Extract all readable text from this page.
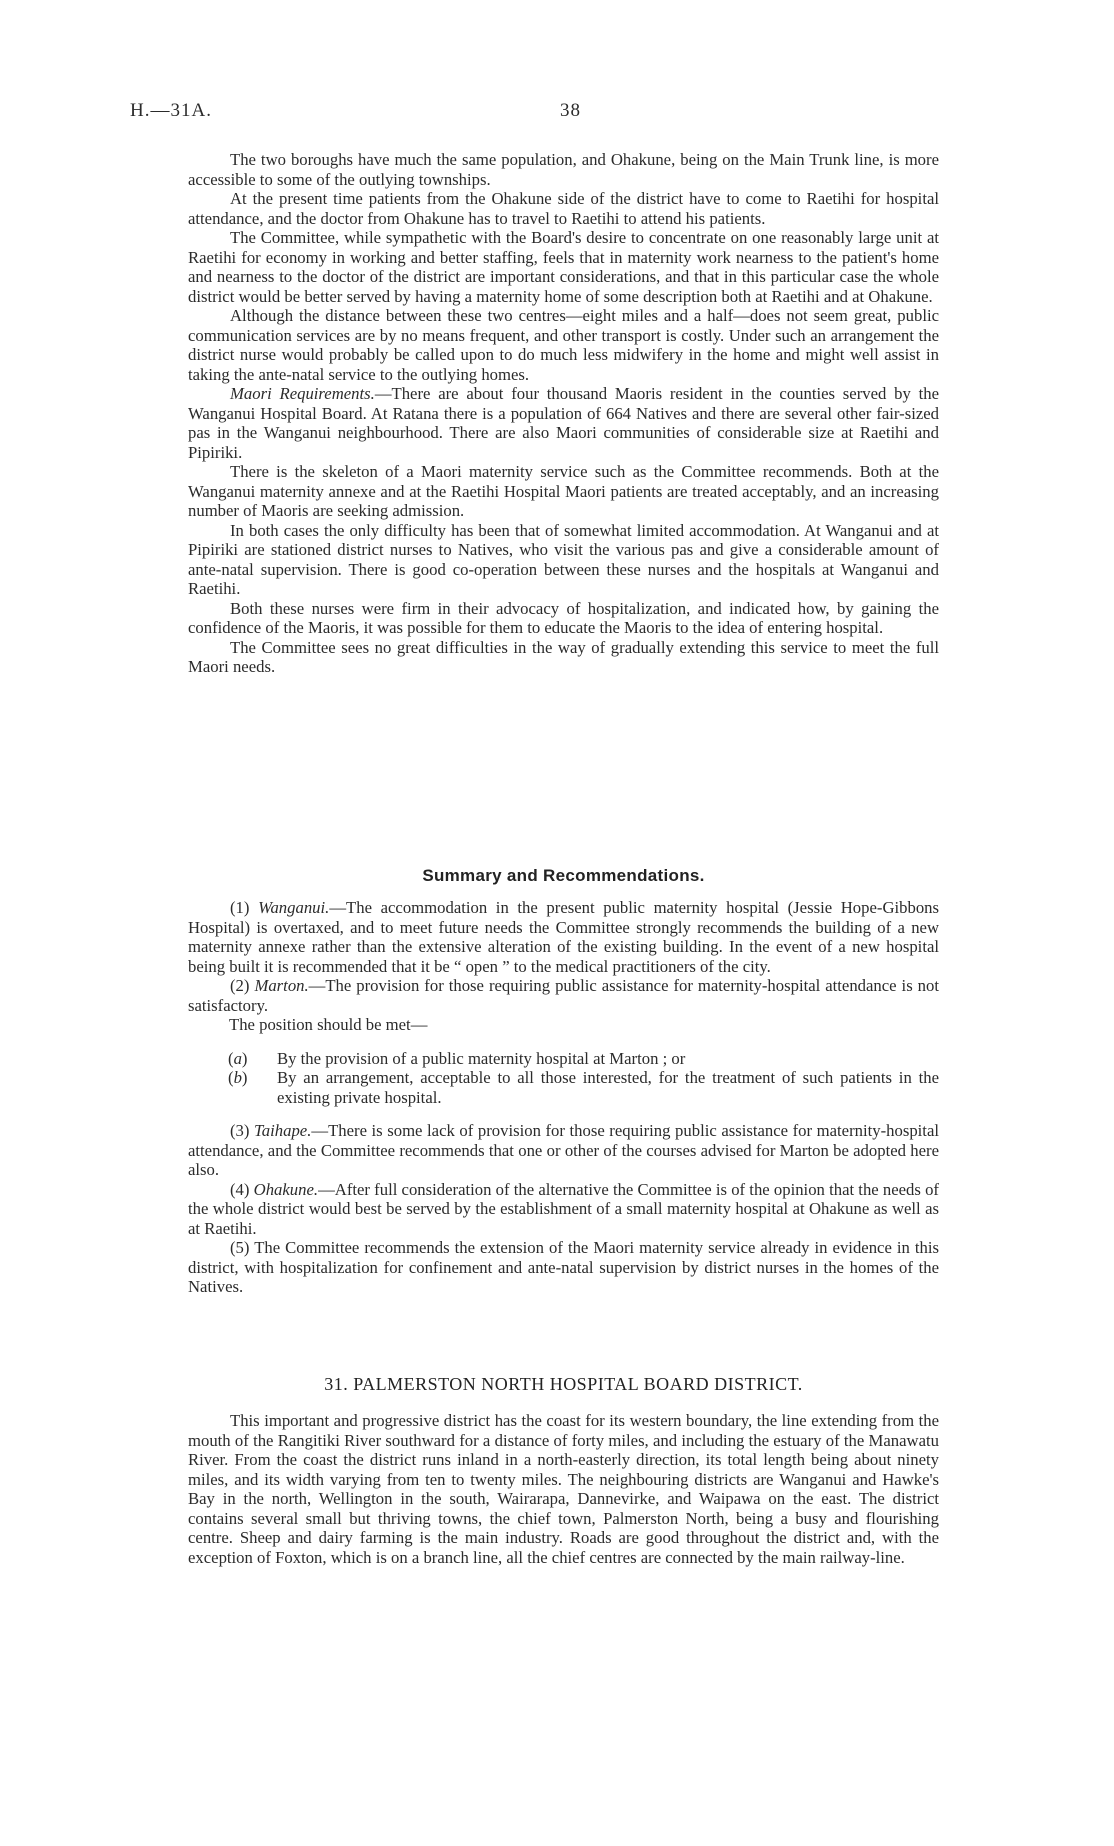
H.—31A.	38

The two boroughs have much the same population, and Ohakune, being on the Main Trunk line, is more accessible to some of the outlying townships.

At the present time patients from the Ohakune side of the district have to come to Raetihi for hospital attendance, and the doctor from Ohakune has to travel to Raetihi to attend his patients.

The Committee, while sympathetic with the Board's desire to concentrate on one reasonably large unit at Raetihi for economy in working and better staffing, feels that in maternity work nearness to the patient's home and nearness to the doctor of the district are important considerations, and that in this particular case the whole district would be better served by having a maternity home of some description both at Raetihi and at Ohakune.

Although the distance between these two centres—eight miles and a half—does not seem great, public communication services are by no means frequent, and other transport is costly. Under such an arrangement the district nurse would probably be called upon to do much less midwifery in the home and might well assist in taking the ante-natal service to the outlying homes.

Maori Requirements.—There are about four thousand Maoris resident in the counties served by the Wanganui Hospital Board. At Ratana there is a population of 664 Natives and there are several other fair-sized pas in the Wanganui neighbourhood. There are also Maori communities of considerable size at Raetihi and Pipiriki.

There is the skeleton of a Maori maternity service such as the Committee recommends. Both at the Wanganui maternity annexe and at the Raetihi Hospital Maori patients are treated acceptably, and an increasing number of Maoris are seeking admission.

In both cases the only difficulty has been that of somewhat limited accommodation. At Wanganui and at Pipiriki are stationed district nurses to Natives, who visit the various pas and give a considerable amount of ante-natal supervision. There is good co-operation between these nurses and the hospitals at Wanganui and Raetihi.

Both these nurses were firm in their advocacy of hospitalization, and indicated how, by gaining the confidence of the Maoris, it was possible for them to educate the Maoris to the idea of entering hospital.

The Committee sees no great difficulties in the way of gradually extending this service to meet the full Maori needs.

Summary and Recommendations.

(1) Wanganui.—The accommodation in the present public maternity hospital (Jessie Hope-Gibbons Hospital) is overtaxed, and to meet future needs the Committee strongly recommends the building of a new maternity annexe rather than the extensive alteration of the existing building. In the event of a new hospital being built it is recommended that it be “ open ” to the medical practitioners of the city.

(2) Marton.—The provision for those requiring public assistance for maternity-hospital attendance is not satisfactory.

The position should be met—

(a) By the provision of a public maternity hospital at Marton ; or
(b) By an arrangement, acceptable to all those interested, for the treatment of such patients in the existing private hospital.

(3) Taihape.—There is some lack of provision for those requiring public assistance for maternity-hospital attendance, and the Committee recommends that one or other of the courses advised for Marton be adopted here also.

(4) Ohakune.—After full consideration of the alternative the Committee is of the opinion that the needs of the whole district would best be served by the establishment of a small maternity hospital at Ohakune as well as at Raetihi.

(5) The Committee recommends the extension of the Maori maternity service already in evidence in this district, with hospitalization for confinement and ante-natal supervision by district nurses in the homes of the Natives.

31. PALMERSTON NORTH HOSPITAL BOARD DISTRICT.

This important and progressive district has the coast for its western boundary, the line extending from the mouth of the Rangitiki River southward for a distance of forty miles, and including the estuary of the Manawatu River. From the coast the district runs inland in a north-easterly direction, its total length being about ninety miles, and its width varying from ten to twenty miles. The neighbouring districts are Wanganui and Hawke's Bay in the north, Wellington in the south, Wairarapa, Dannevirke, and Waipawa on the east. The district contains several small but thriving towns, the chief town, Palmerston North, being a busy and flourishing centre. Sheep and dairy farming is the main industry. Roads are good throughout the district and, with the exception of Foxton, which is on a branch line, all the chief centres are connected by the main railway-line.
